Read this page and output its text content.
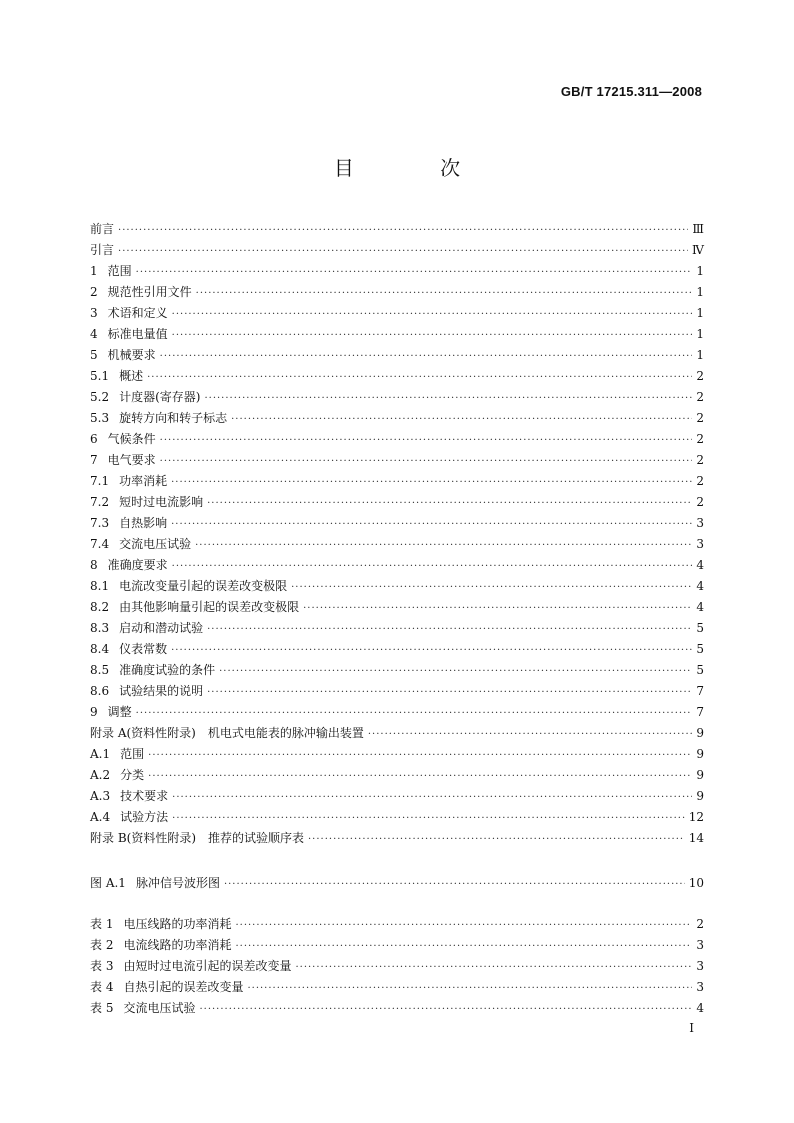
GB/T 17215.311—2008
目 次
前言 ·····	Ⅲ
引言 ·····	Ⅳ
1 范围 ·····	1
2 规范性引用文件 ·····	1
3 术语和定义 ·····	1
4 标准电量值 ·····	1
5 机械要求 ·····	1
5.1 概述 ·····	2
5.2 计度器(寄存器) ·····	2
5.3 旋转方向和转子标志 ·····	2
6 气候条件 ·····	2
7 电气要求 ·····	2
7.1 功率消耗 ·····	2
7.2 短时过电流影响 ·····	2
7.3 自热影响 ·····	3
7.4 交流电压试验 ·····	3
8 准确度要求 ·····	4
8.1 电流改变量引起的误差改变极限 ·····	4
8.2 由其他影响量引起的误差改变极限 ·····	4
8.3 启动和潜动试验 ·····	5
8.4 仪表常数 ·····	5
8.5 准确度试验的条件 ·····	5
8.6 试验结果的说明 ·····	7
9 调整 ·····	7
附录 A(资料性附录)　机电式电能表的脉冲输出装置 ·····	9
A.1 范围 ·····	9
A.2 分类 ·····	9
A.3 技术要求 ·····	9
A.4 试验方法 ·····	12
附录 B(资料性附录)　推荐的试验顺序表 ·····	14
图 A.1 脉冲信号波形图 ·····	10
表 1 电压线路的功率消耗 ·····	2
表 2 电流线路的功率消耗 ·····	3
表 3 由短时过电流引起的误差改变量 ·····	3
表 4 自热引起的误差改变量 ·····	3
表 5 交流电压试验 ·····	4
I
